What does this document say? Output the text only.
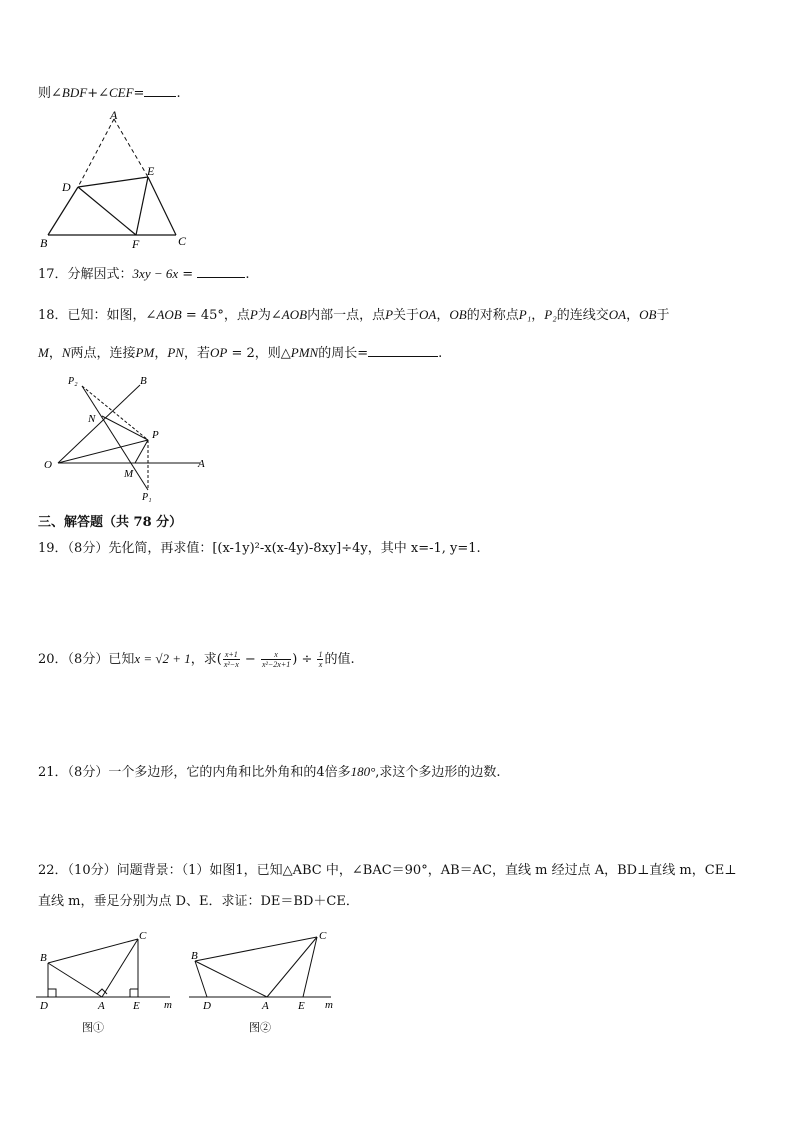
则∠BDF+∠CEF= .
A
D
E
B	F	C
17．分解因式：3xy − 6x =	.
18．已知：如图，∠AOB = 45°，点P为∠AOB内部一点，点P关于OA，OB的对称点P₁，P₂的连线交OA，OB于
M，N两点，连接PM，PN，若OP = 2，则△PMN的周长=	.
P₂	B
N
P
O
M
A
P₁
三、解答题（共 78 分）
19．（8分）先化简，再求值：[(x-1y)²-x(x-4y)-8xy]÷4y，其中 x=-1, y=1.
20．（8分）已知x = √2 + 1，求( $\frac{x+1}{\text{x²−x}} - \frac{x}{\text{x²−2x+1}}$ ) ÷ $\frac{1}{x}$ 的值.
21．（8分）一个多边形，它的内角和比外角和的4倍多180°,求这个多边形的边数.
22．（10分）问题背景：（1）如图1，已知△ABC 中，∠BAC＝90°，AB＝AC，直线 m 经过点 A，BD⊥直线 m，CE⊥
直线 m，垂足分别为点 D、E．求证：DE＝BD＋CE．
B
C
D	A	E m
图①
B
C
D	A	E m
图②
